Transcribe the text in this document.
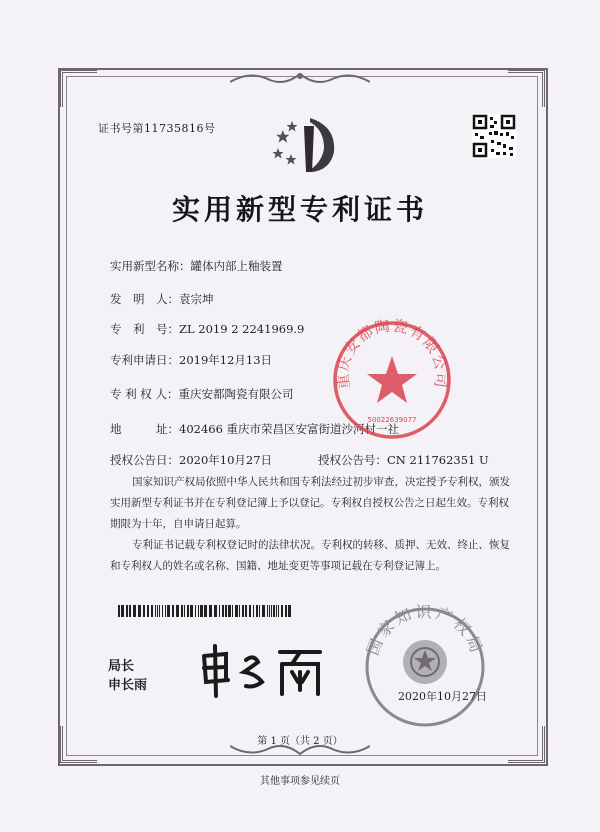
证书号第11735816号
实用新型专利证书
实用新型名称：罐体内部上釉装置
发　明　人：袁宗坤
专　利　号：ZL 2019 2 2241969.9
专利申请日：2019年12月13日
专 利 权 人：重庆安都陶瓷有限公司
地　　　址：402466 重庆市荣昌区安富街道沙河村一社
授权公告日：2020年10月27日	授权公告号：CN 211762351 U
重庆安都陶瓷有限公司
50022639077

国家知识产权局依照中华人民共和国专利法经过初步审查，决定授予专利权，颁发实用新型专利证书并在专利登记簿上予以登记。专利权自授权公告之日起生效。专利权期限为十年，自申请日起算。

专利证书记载专利权登记时的法律状况。专利权的转移、质押、无效、终止、恢复和专利权人的姓名或名称、国籍、地址变更等事项记载在专利登记簿上。

局长
申长雨
国家知识产权局
2020年10月27日
第 1 页（共 2 页）
其他事项参见续页
